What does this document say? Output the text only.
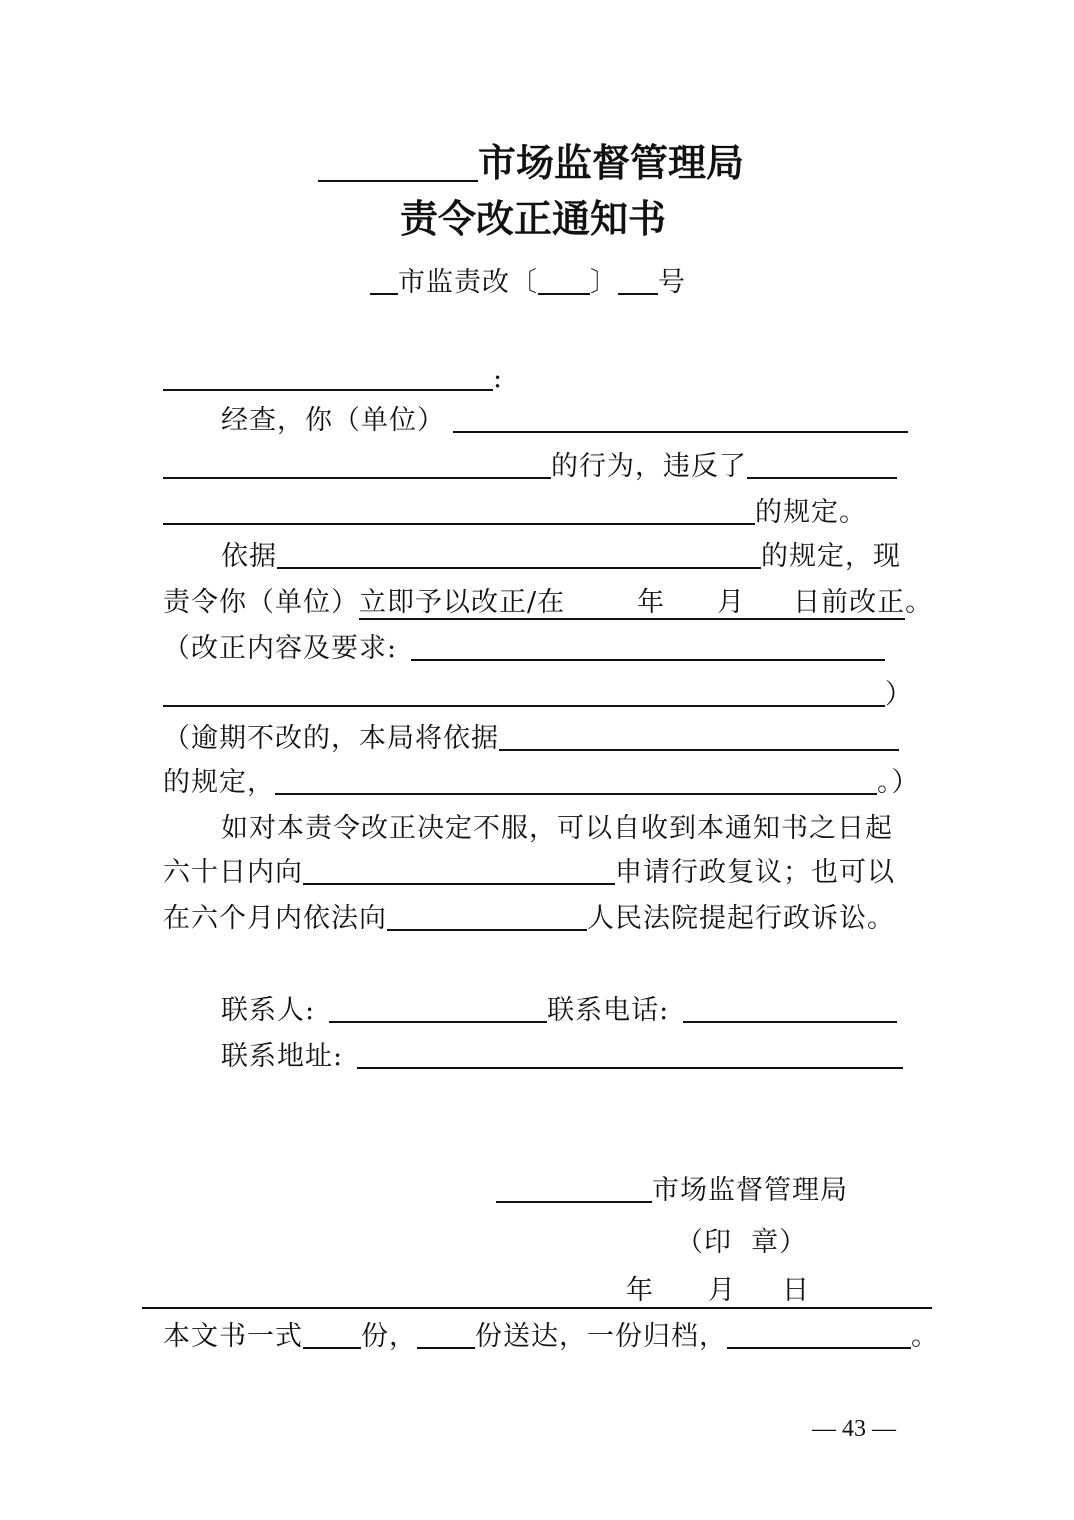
市场监督管理局
责令改正通知书
市监责改〔 〕 号
:
经查，你（单位）
的行为，违反了
的规定。
依据	的规定，现
责令你（单位）立即予以改正/在	年 月 日前改正。
（改正内容及要求:
）
（逾期不改的，本局将依据
的规定，	。）
如对本责令改正决定不服，可以自收到本通知书之日起
六十日内向	申请行政复议；也可以
在六个月内依法向	人民法院提起行政诉讼。
联系人:	联系电话:
联系地址:
市场监督管理局
（印  章）
年 月 日
本文书一式 份， 份送达，一份归档，	。
— 43 —
